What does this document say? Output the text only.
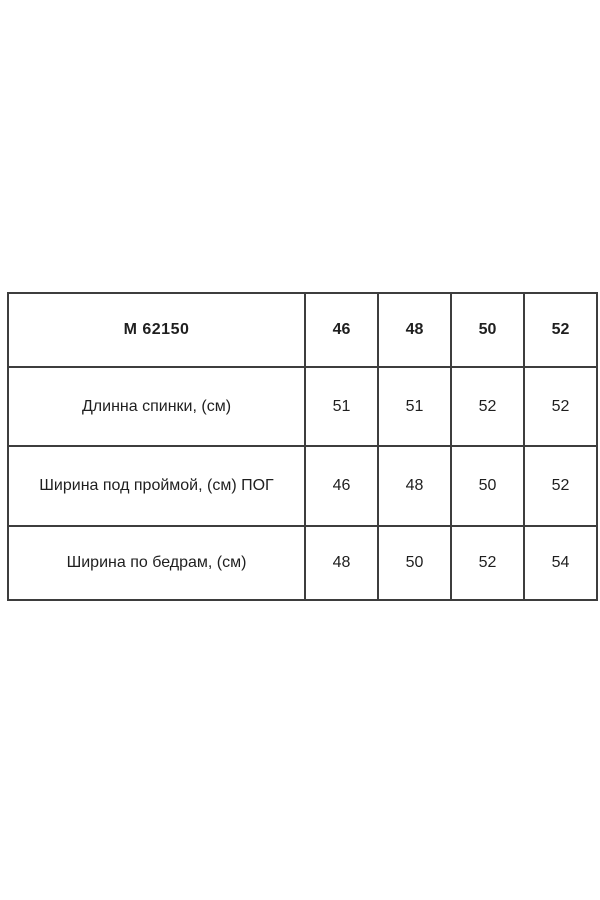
М 62150	46	48	50	52
Длинна спинки, (см)	51	51	52	52
Ширина под проймой, (см) ПОГ	46	48	50	52
Ширина по бедрам, (см)	48	50	52	54
